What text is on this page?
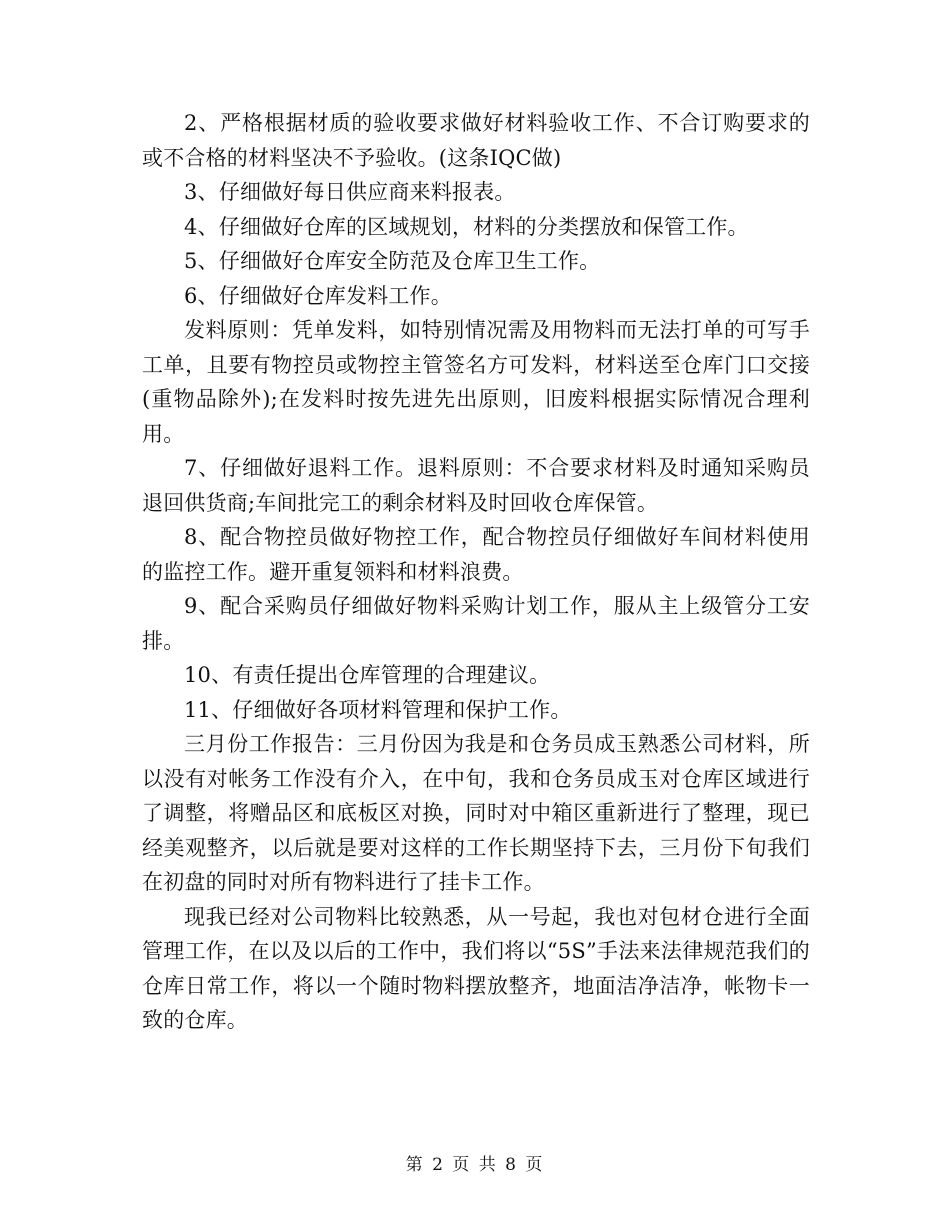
2、严格根据材质的验收要求做好材料验收工作、不合订购要求的或不合格的材料坚决不予验收。(这条IQC做)

3、仔细做好每日供应商来料报表。

4、仔细做好仓库的区域规划，材料的分类摆放和保管工作。

5、仔细做好仓库安全防范及仓库卫生工作。

6、仔细做好仓库发料工作。

发料原则：凭单发料，如特别情况需及用物料而无法打单的可写手工单，且要有物控员或物控主管签名方可发料，材料送至仓库门口交接(重物品除外);在发料时按先进先出原则，旧废料根据实际情况合理利用。

7、仔细做好退料工作。退料原则：不合要求材料及时通知采购员退回供货商;车间批完工的剩余材料及时回收仓库保管。

8、配合物控员做好物控工作，配合物控员仔细做好车间材料使用的监控工作。避开重复领料和材料浪费。

9、配合采购员仔细做好物料采购计划工作，服从主上级管分工安排。

10、有责任提出仓库管理的合理建议。

11、仔细做好各项材料管理和保护工作。

三月份工作报告：三月份因为我是和仓务员成玉熟悉公司材料，所以没有对帐务工作没有介入，在中旬，我和仓务员成玉对仓库区域进行了调整，将赠品区和底板区对换，同时对中箱区重新进行了整理，现已经美观整齐，以后就是要对这样的工作长期坚持下去，三月份下旬我们在初盘的同时对所有物料进行了挂卡工作。

现我已经对公司物料比较熟悉，从一号起，我也对包材仓进行全面管理工作，在以及以后的工作中，我们将以“5S”手法来法律规范我们的仓库日常工作，将以一个随时物料摆放整齐，地面洁净洁净，帐物卡一致的仓库。

第 2 页 共 8 页
